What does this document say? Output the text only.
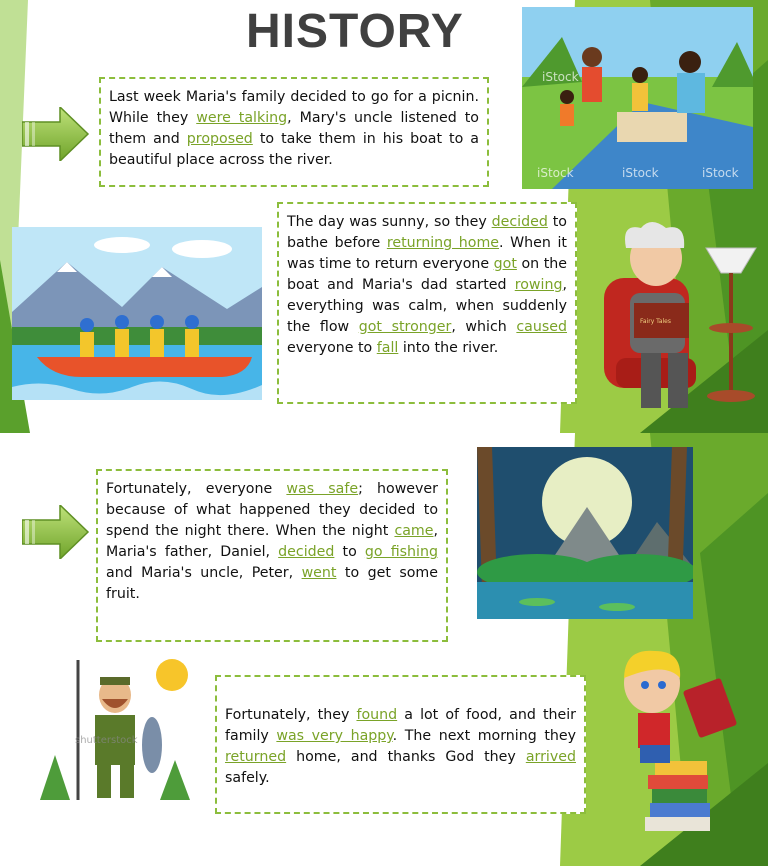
HISTORY
Last week Maria's family decided to go for a picnin. While they were talking, Mary's uncle listened to them and proposed to take them in his boat to a beautiful place across the river.
iStock
iStock
iStock	iStock
The day was sunny, so they decided to bathe before returning home. When it was time to return everyone got on the boat and Maria's dad started rowing, everything was calm, when suddenly the flow got stronger, which caused everyone to fall into the river.
Fairy Tales
Fortunately, everyone was safe; however because of what happened they decided to spend the night there. When the night came, Maria's father, Daniel, decided to go fishing and Maria's uncle, Peter, went to get some fruit.
shutterstock
Fortunately, they found a lot of food, and their family was very happy. The next morning they returned home, and thanks God they arrived safely.
